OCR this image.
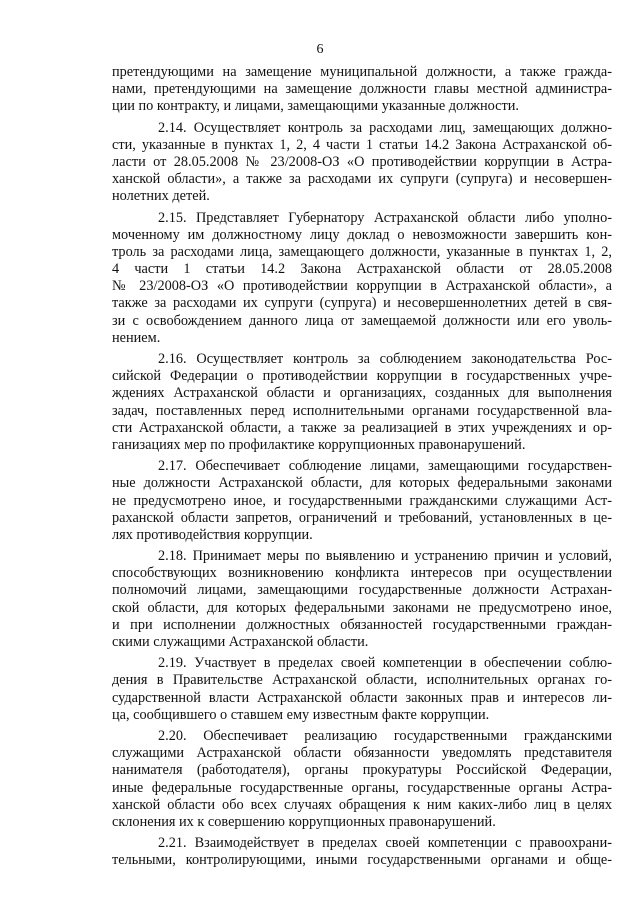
6
претендующими на замещение муниципальной должности, а также гражда-
нами, претендующими на замещение должности главы местной администра-
ции по контракту, и лицами, замещающими указанные должности.
2.14. Осуществляет контроль за расходами лиц, замещающих должно-
сти, указанные в пунктах 1, 2, 4 части 1 статьи 14.2 Закона Астраханской об-
ласти от 28.05.2008 № 23/2008-ОЗ «О противодействии коррупции в Астра-
ханской области», а также за расходами их супруги (супруга) и несовершен-
нолетних детей.
2.15. Представляет Губернатору Астраханской области либо уполно-
моченному им должностному лицу доклад о невозможности завершить кон-
троль за расходами лица, замещающего должности, указанные в пунктах 1, 2,
4 части 1 статьи 14.2 Закона Астраханской области от 28.05.2008
№ 23/2008-ОЗ «О противодействии коррупции в Астраханской области», а
также за расходами их супруги (супруга) и несовершеннолетних детей в свя-
зи с освобождением данного лица от замещаемой должности или его уволь-
нением.
2.16. Осуществляет контроль за соблюдением законодательства Рос-
сийской Федерации о противодействии коррупции в государственных учре-
ждениях Астраханской области и организациях, созданных для выполнения
задач, поставленных перед исполнительными органами государственной вла-
сти Астраханской области, а также за реализацией в этих учреждениях и ор-
ганизациях мер по профилактике коррупционных правонарушений.
2.17. Обеспечивает соблюдение лицами, замещающими государствен-
ные должности Астраханской области, для которых федеральными законами
не предусмотрено иное, и государственными гражданскими служащими Аст-
раханской области запретов, ограничений и требований, установленных в це-
лях противодействия коррупции.
2.18. Принимает меры по выявлению и устранению причин и условий,
способствующих возникновению конфликта интересов при осуществлении
полномочий лицами, замещающими государственные должности Астрахан-
ской области, для которых федеральными законами не предусмотрено иное,
и при исполнении должностных обязанностей государственными граждан-
скими служащими Астраханской области.
2.19. Участвует в пределах своей компетенции в обеспечении соблю-
дения в Правительстве Астраханской области, исполнительных органах го-
сударственной власти Астраханской области законных прав и интересов ли-
ца, сообщившего о ставшем ему известным факте коррупции.
2.20. Обеспечивает реализацию государственными гражданскими
служащими Астраханской области обязанности уведомлять представителя
нанимателя (работодателя), органы прокуратуры Российской Федерации,
иные федеральные государственные органы, государственные органы Астра-
ханской области обо всех случаях обращения к ним каких-либо лиц в целях
склонения их к совершению коррупционных правонарушений.
2.21. Взаимодействует в пределах своей компетенции с правоохрани-
тельными, контролирующими, иными государственными органами и обще-
